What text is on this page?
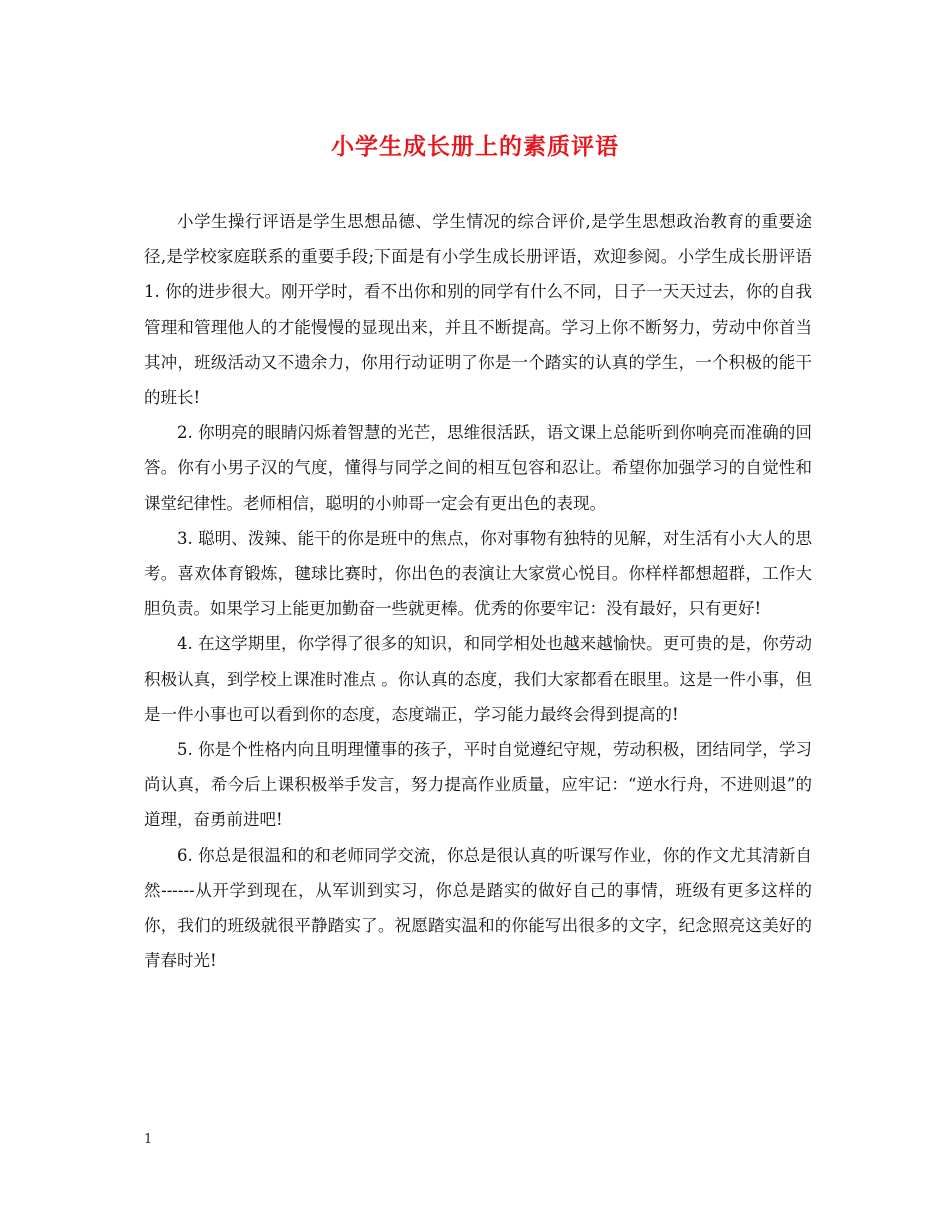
小学生成长册上的素质评语

小学生操行评语是学生思想品德、学生情况的综合评价,是学生思想政治教育的重要途径,是学校家庭联系的重要手段;下面是有小学生成长册评语，欢迎参阅。小学生成长册评语　　1. 你的进步很大。刚开学时，看不出你和别的同学有什么不同，日子一天天过去，你的自我管理和管理他人的才能慢慢的显现出来，并且不断提高。学习上你不断努力，劳动中你首当其冲，班级活动又不遗余力，你用行动证明了你是一个踏实的认真的学生，一个积极的能干的班长!

2. 你明亮的眼睛闪烁着智慧的光芒，思维很活跃，语文课上总能听到你响亮而准确的回答。你有小男子汉的气度，懂得与同学之间的相互包容和忍让。希望你加强学习的自觉性和课堂纪律性。老师相信，聪明的小帅哥一定会有更出色的表现。

3. 聪明、泼辣、能干的你是班中的焦点，你对事物有独特的见解，对生活有小大人的思考。喜欢体育锻炼，毽球比赛时，你出色的表演让大家赏心悦目。你样样都想超群，工作大胆负责。如果学习上能更加勤奋一些就更棒。优秀的你要牢记：没有最好，只有更好!

4. 在这学期里，你学得了很多的知识，和同学相处也越来越愉快。更可贵的是，你劳动积极认真，到学校上课准时准点 。你认真的态度，我们大家都看在眼里。这是一件小事，但是一件小事也可以看到你的态度，态度端正，学习能力最终会得到提高的!

5. 你是个性格内向且明理懂事的孩子，平时自觉遵纪守规，劳动积极，团结同学，学习尚认真，希今后上课积极举手发言，努力提高作业质量，应牢记：“逆水行舟，不进则退”的道理，奋勇前进吧!

6. 你总是很温和的和老师同学交流，你总是很认真的听课写作业，你的作文尤其清新自然------从开学到现在，从军训到实习，你总是踏实的做好自己的事情，班级有更多这样的你，我们的班级就很平静踏实了。祝愿踏实温和的你能写出很多的文字，纪念照亮这美好的青春时光!

1
